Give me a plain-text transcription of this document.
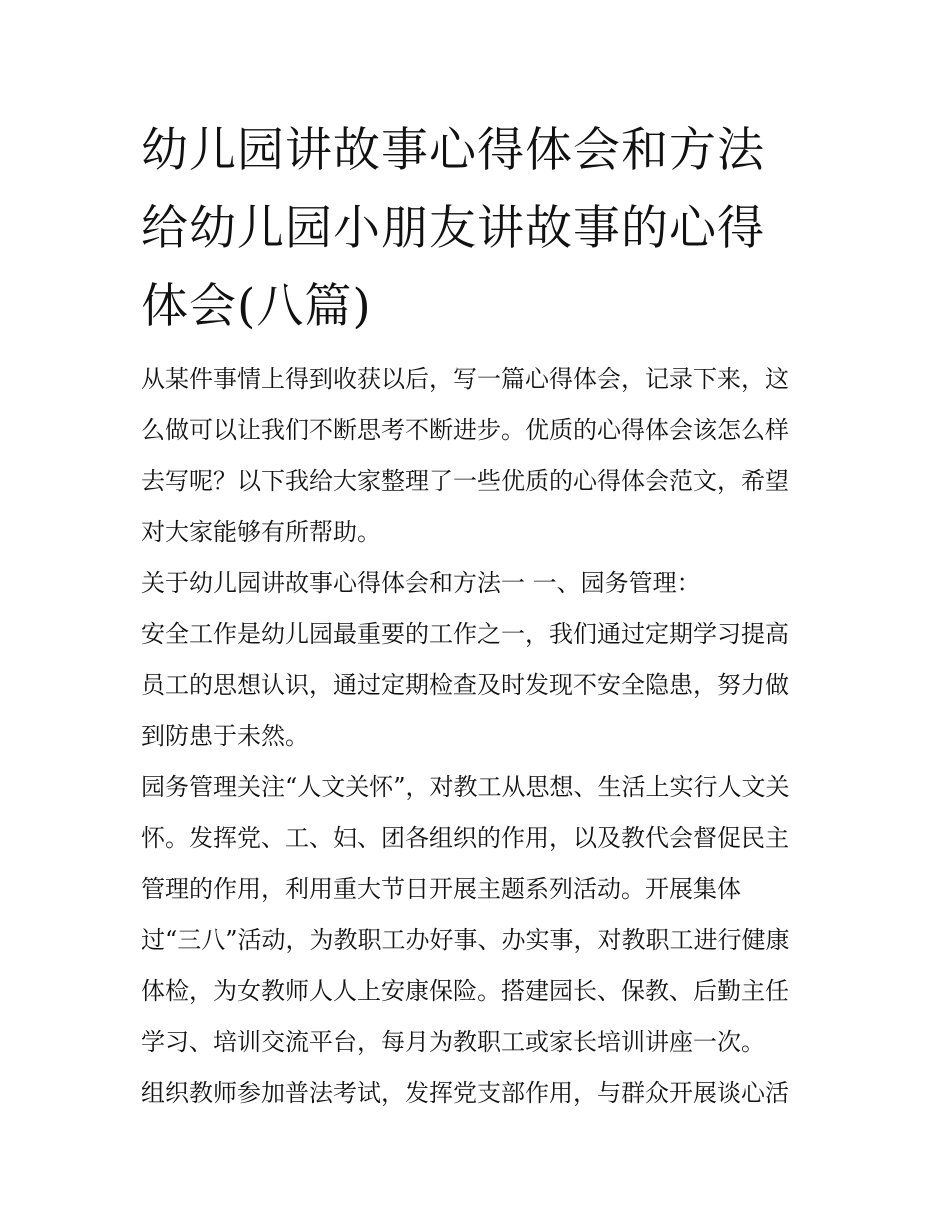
幼儿园讲故事心得体会和方法
给幼儿园小朋友讲故事的心得
体会(八篇)

从某件事情上得到收获以后，写一篇心得体会，记录下来，这
么做可以让我们不断思考不断进步。优质的心得体会该怎么样
去写呢？以下我给大家整理了一些优质的心得体会范文，希望
对大家能够有所帮助。

关于幼儿园讲故事心得体会和方法一 一、园务管理：

安全工作是幼儿园最重要的工作之一，我们通过定期学习提高
员工的思想认识，通过定期检查及时发现不安全隐患，努力做
到防患于未然。

园务管理关注“人文关怀”，对教工从思想、生活上实行人文关
怀。发挥党、工、妇、团各组织的作用，以及教代会督促民主
管理的作用，利用重大节日开展主题系列活动。开展集体
过“三八”活动，为教职工办好事、办实事，对教职工进行健康
体检，为女教师人人上安康保险。搭建园长、保教、后勤主任
学习、培训交流平台，每月为教职工或家长培训讲座一次。

组织教师参加普法考试，发挥党支部作用，与群众开展谈心活
